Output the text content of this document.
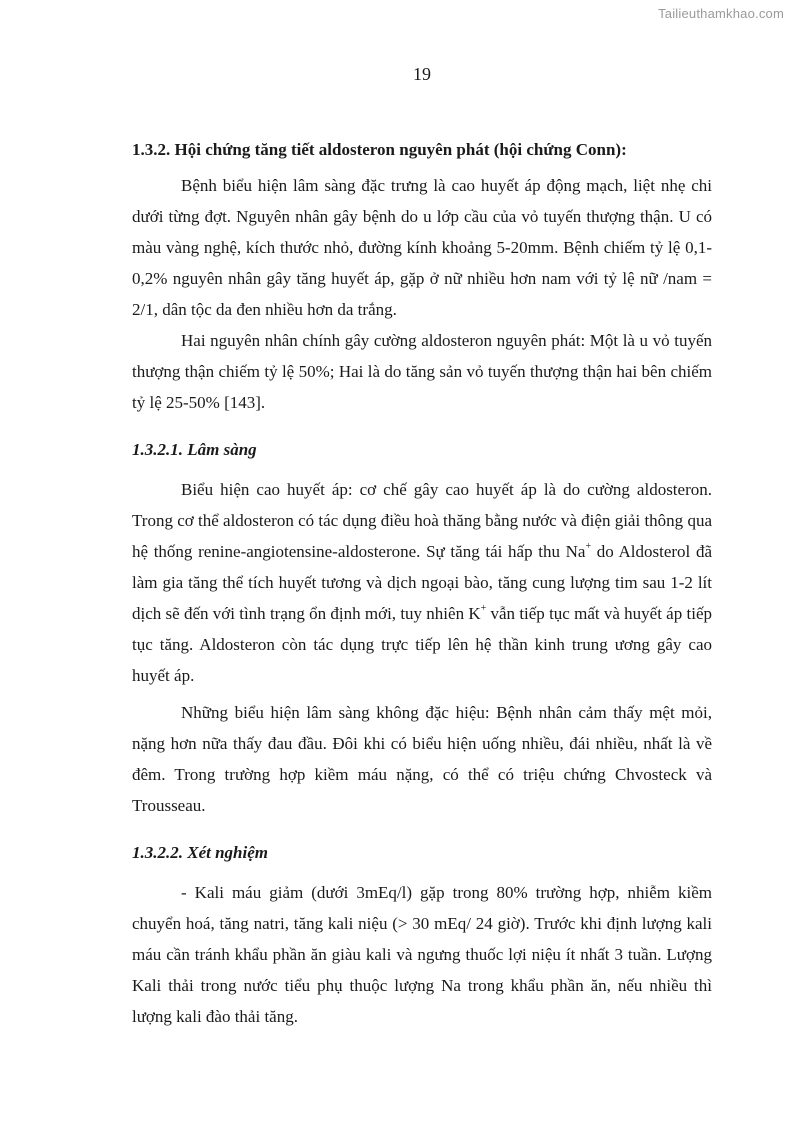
Tailieuthamkhao.com
19

1.3.2. Hội chứng tăng tiết aldosteron nguyên phát (hội chứng Conn):

Bệnh biểu hiện lâm sàng đặc trưng là cao huyết áp động mạch, liệt nhẹ chi dưới từng đợt. Nguyên nhân gây bệnh do u lớp cầu của vỏ tuyến thượng thận. U có màu vàng nghệ, kích thước nhỏ, đường kính khoảng 5-20mm. Bệnh chiếm tỷ lệ 0,1-0,2% nguyên nhân gây tăng huyết áp, gặp ở nữ nhiều hơn nam với tỷ lệ nữ /nam = 2/1, dân tộc da đen nhiều hơn da trắng.

Hai nguyên nhân chính gây cường aldosteron nguyên phát: Một là u vỏ tuyến thượng thận chiếm tỷ lệ 50%; Hai là do tăng sản vỏ tuyến thượng thận hai bên chiếm tỷ lệ 25-50% [143].

1.3.2.1. Lâm sàng

Biểu hiện cao huyết áp: cơ chế gây cao huyết áp là do cường aldosteron. Trong cơ thể aldosteron có tác dụng điều hoà thăng bằng nước và điện giải thông qua hệ thống renine-angiotensine-aldosterone. Sự tăng tái hấp thu Na+ do Aldosterol đã làm gia tăng thể tích huyết tương và dịch ngoại bào, tăng cung lượng tim sau 1-2 lít dịch sẽ đến với tình trạng ổn định mới, tuy nhiên K+ vẫn tiếp tục mất và huyết áp tiếp tục tăng. Aldosteron còn tác dụng trực tiếp lên hệ thần kinh trung ương gây cao huyết áp.

Những biểu hiện lâm sàng không đặc hiệu: Bệnh nhân cảm thấy mệt mỏi, nặng hơn nữa thấy đau đầu. Đôi khi có biểu hiện uống nhiều, đái nhiều, nhất là về đêm. Trong trường hợp kiềm máu nặng, có thể có triệu chứng Chvosteck và Trousseau.

1.3.2.2. Xét nghiệm

- Kali máu giảm (dưới 3mEq/l) gặp trong 80% trường hợp, nhiễm kiềm chuyển hoá, tăng natri, tăng kali niệu (> 30 mEq/ 24 giờ). Trước khi định lượng kali máu cần tránh khẩu phần ăn giàu kali và ngưng thuốc lợi niệu ít nhất 3 tuần. Lượng Kali thải trong nước tiểu phụ thuộc lượng Na trong khẩu phần ăn, nếu nhiều thì lượng kali đào thải tăng.
